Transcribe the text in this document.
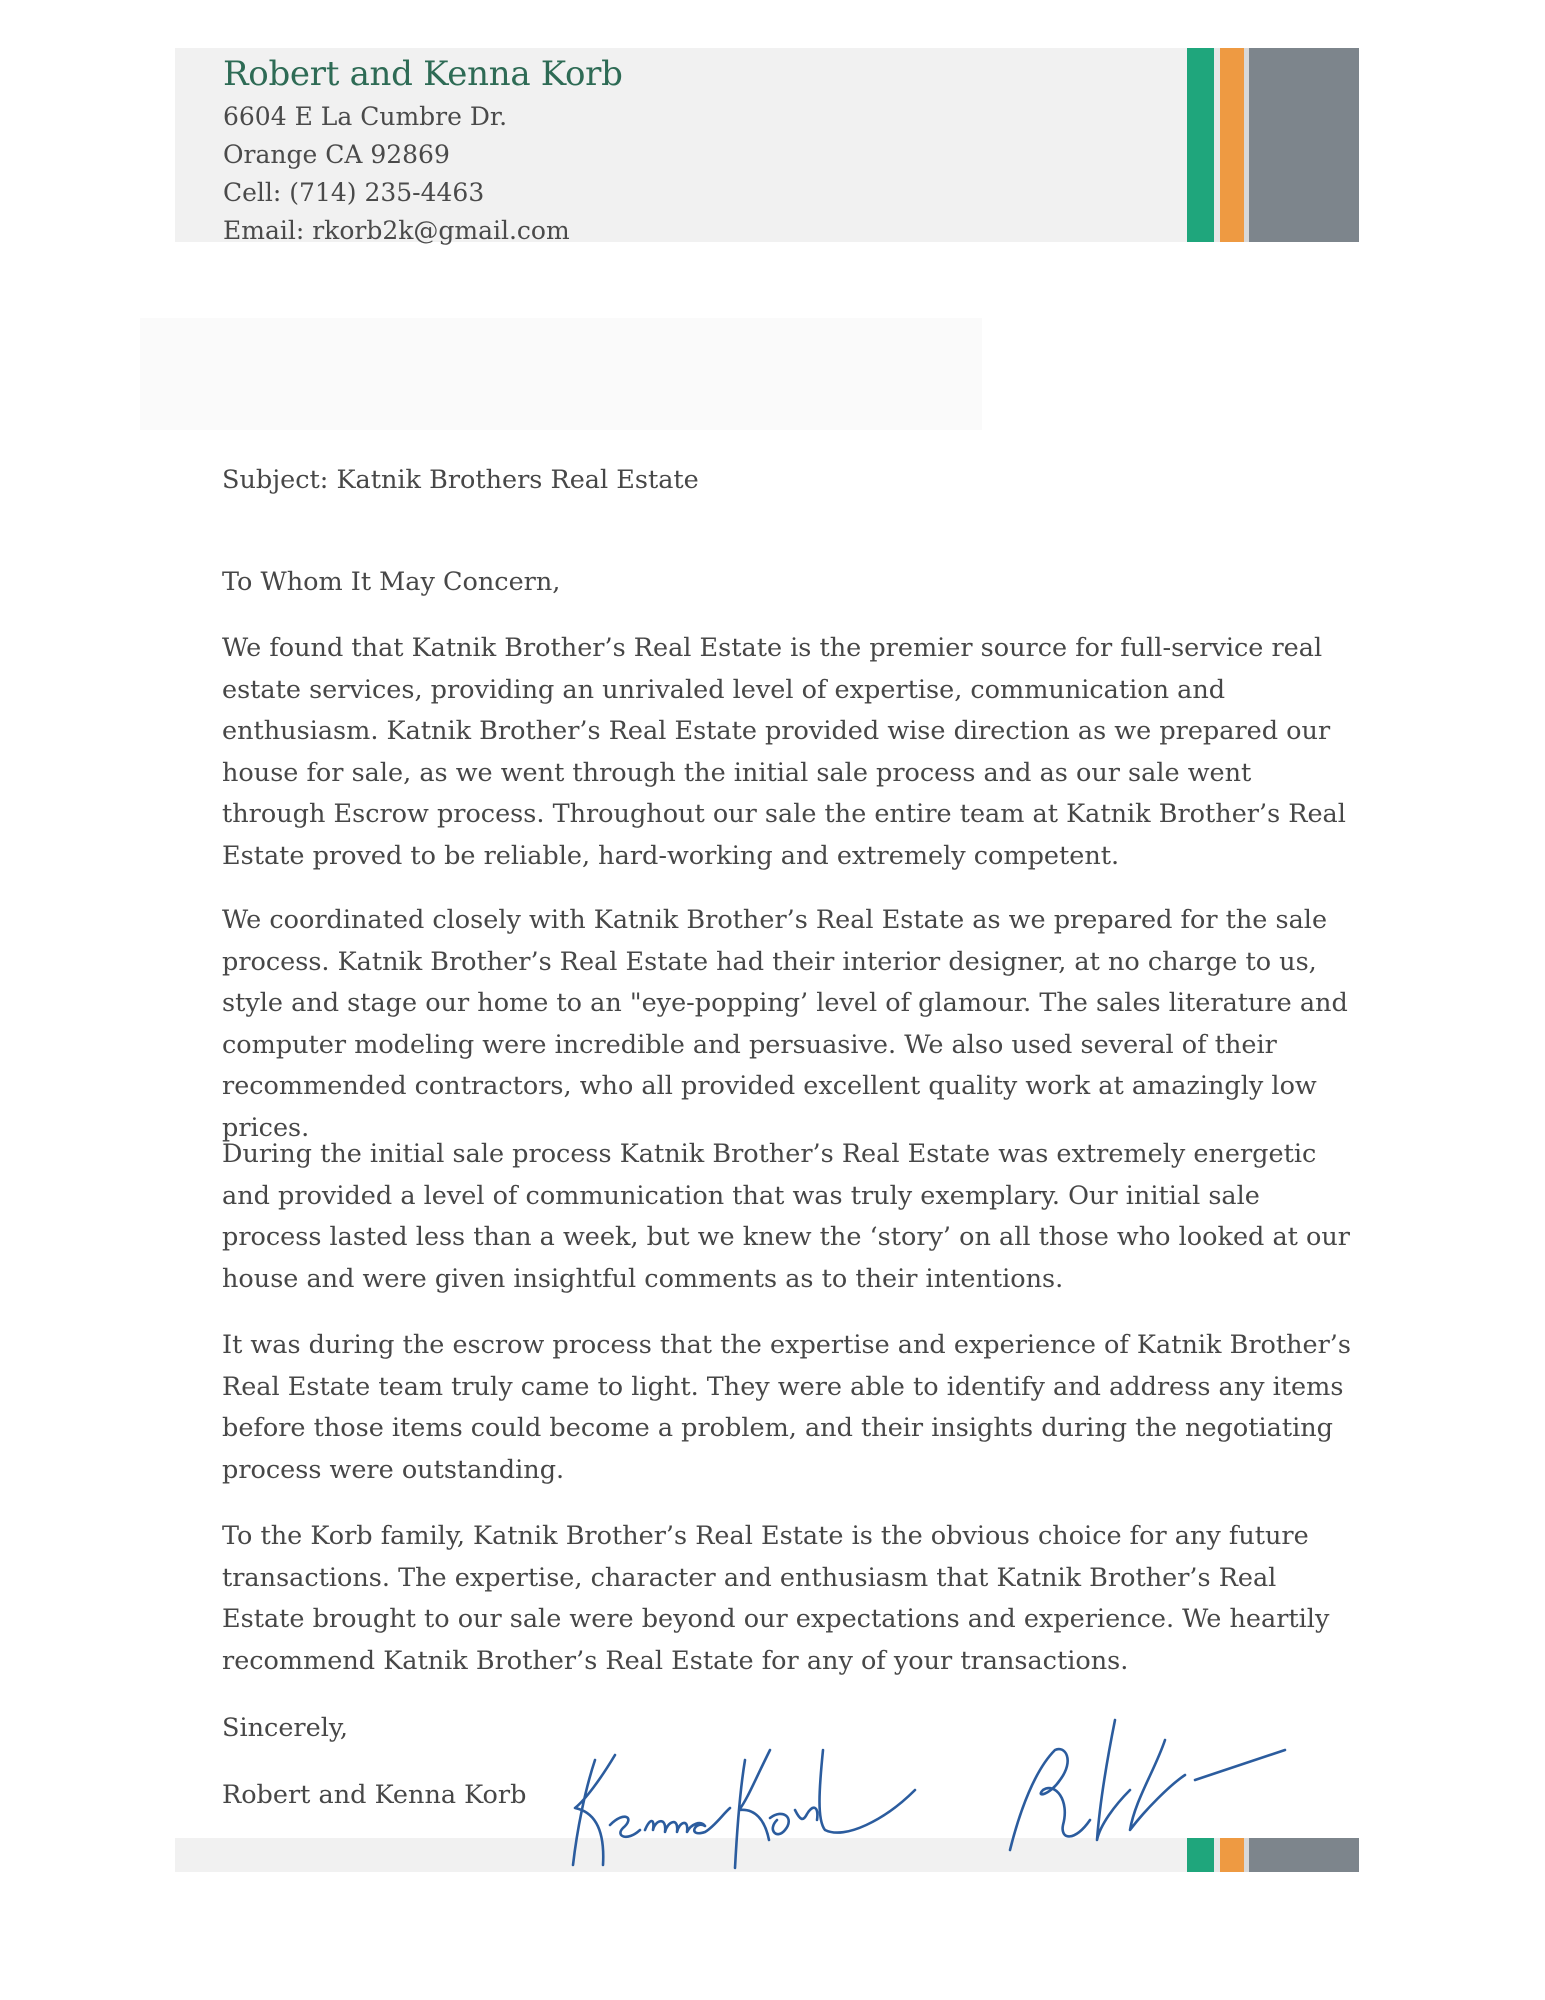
Robert and Kenna Korb

6604 E La Cumbre Dr.

Orange CA 92869

Cell: (714) 235-4463

Email: rkorb2k@gmail.com

Subject: Katnik Brothers Real Estate

To Whom It May Concern,

We found that Katnik Brother’s Real Estate is the premier source for full-service real estate services, providing an unrivaled level of expertise, communication and enthusiasm. Katnik Brother’s Real Estate provided wise direction as we prepared our house for sale, as we went through the initial sale process and as our sale went through Escrow process. Throughout our sale the entire team at Katnik Brother’s Real Estate proved to be reliable, hard-working and extremely competent.

We coordinated closely with Katnik Brother’s Real Estate as we prepared for the sale process. Katnik Brother’s Real Estate had their interior designer, at no charge to us, style and stage our home to an "eye-popping’ level of glamour. The sales literature and computer modeling were incredible and persuasive. We also used several of their recommended contractors, who all provided excellent quality work at amazingly low prices.

During the initial sale process Katnik Brother’s Real Estate was extremely energetic and provided a level of communication that was truly exemplary. Our initial sale process lasted less than a week, but we knew the ‘story’ on all those who looked at our house and were given insightful comments as to their intentions.

It was during the escrow process that the expertise and experience of Katnik Brother’s Real Estate team truly came to light. They were able to identify and address any items before those items could become a problem, and their insights during the negotiating process were outstanding.

To the Korb family, Katnik Brother’s Real Estate is the obvious choice for any future transactions. The expertise, character and enthusiasm that Katnik Brother’s Real Estate brought to our sale were beyond our expectations and experience. We heartily recommend Katnik Brother’s Real Estate for any of your transactions.

Sincerely,

Robert and Kenna Korb
